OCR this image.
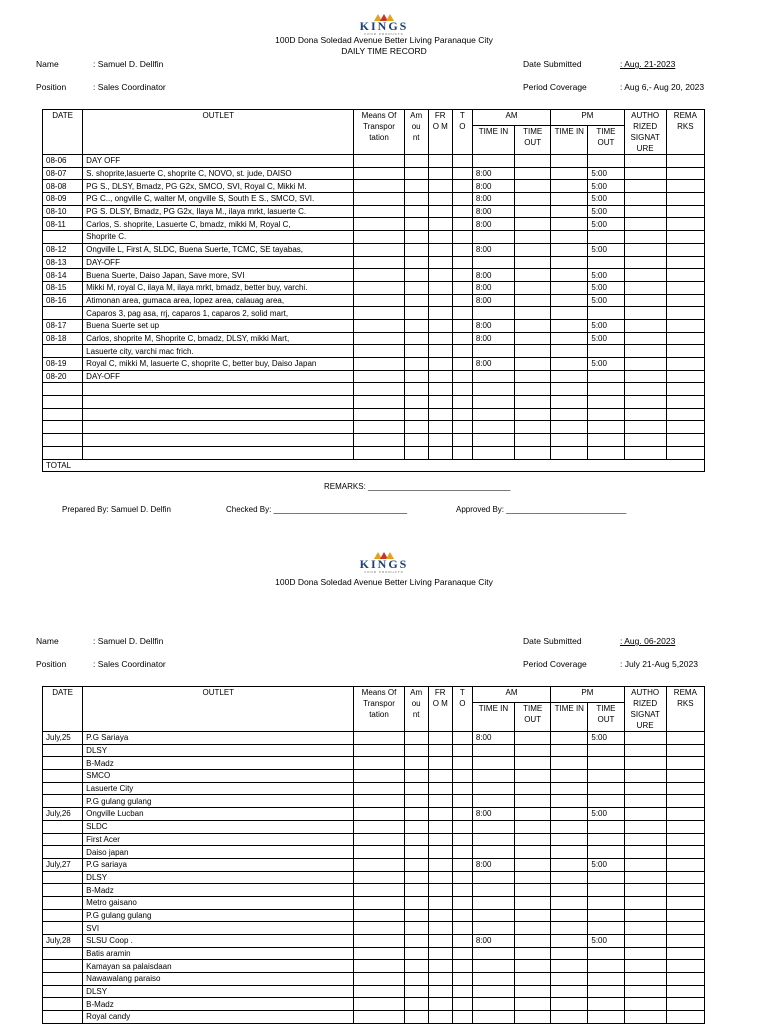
KINGS
FOOD PRODUCTS
100D Dona Soledad Avenue Better Living Paranaque City
DAILY TIME RECORD
Name	: Samuel D. Dellfin	Date Submitted	: Aug. 21-2023
Position	: Sales Coordinator	Period Coverage	: Aug 6,- Aug 20, 2023
DATE	OUTLET	Means Of Transpor tation	Am ou nt	FR O M	T O	AM		PM		AUTHO RIZED SIGNAT URE	REMA RKS
						TIME IN	TIME OUT	TIME IN	TIME OUT		
08-06	DAY OFF										
08-07	S. shoprite,lasuerte C, shoprite C, NOVO, st. jude, DAISO					8:00			5:00		
08-08	PG S., DLSY, Bmadz, PG G2x, SMCO, SVI, Royal C, Mikki M.					8:00			5:00		
08-09	PG C.., ongville C, walter M, ongville S, South E S., SMCO, SVI.					8:00			5:00		
08-10	PG S. DLSY, Bmadz, PG G2x, Ilaya M., ilaya mrkt, lasuerte C.					8:00			5:00		
08-11	Carlos, S. shoprite, Lasuerte C, bmadz, mikki M, Royal C,					8:00			5:00		
	Shoprite C.										
08-12	Ongville L, First A, SLDC, Buena Suerte, TCMC, SE tayabas,					8:00			5:00		
08-13	DAY-OFF										
08-14	Buena Suerte, Daiso Japan, Save more, SVI					8:00			5:00		
08-15	Mikki M, royal C, ilaya M, ilaya mrkt, bmadz, better buy, varchi.					8:00			5:00		
08-16	Atimonan area, gumaca area, lopez area, calauag area,					8:00			5:00		
	Caparos 3, pag asa, rrj, caparos 1, caparos 2, solid mart,										
08-17	Buena Suerte set up					8:00			5:00		
08-18	Carlos, shoprite M, Shoprite C, bmadz, DLSY, mikki Mart,					8:00			5:00		
	Lasuerte city, varchi mac frich.										
08-19	Royal C, mikki M, lasuerte C, shoprite C, better buy, Daiso Japan					8:00			5:00		
08-20	DAY-OFF										

TOTAL											
REMARKS: ________________________________
Prepared By: Samuel D. Delfin	Checked By: ______________________________	Approved By: ___________________________
KINGS
FOOD PRODUCTS
100D Dona Soledad Avenue Better Living Paranaque City
Name	: Samuel D. Dellfin	Date Submitted	: Aug. 06-2023
Position	: Sales Coordinator	Period Coverage	: July 21-Aug 5,2023
DATE	OUTLET	Means Of Transpor tation	Am ou nt	FR O M	T O	AM		PM		AUTHO RIZED SIGNAT URE	REMA RKS
						TIME IN	TIME OUT	TIME IN	TIME OUT		
July,25	P.G Sariaya					8:00			5:00		
	DLSY										
	B-Madz										
	SMCO										
	Lasuerte City										
	P.G gulang gulang										
July,26	Ongville Lucban					8:00			5:00		
	SLDC										
	First Acer										
	Daiso japan										
July,27	P.G sariaya					8:00			5:00		
	DLSY										
	B-Madz										
	Metro gaisano										
	P.G gulang gulang										
	SVI										
July,28	SLSU Coop .					8:00			5:00		
	Batis aramin										
	Kamayan sa palaisdaan										
	Nawawalang paraiso										
	DLSY										
	B-Madz										
	Royal candy										
